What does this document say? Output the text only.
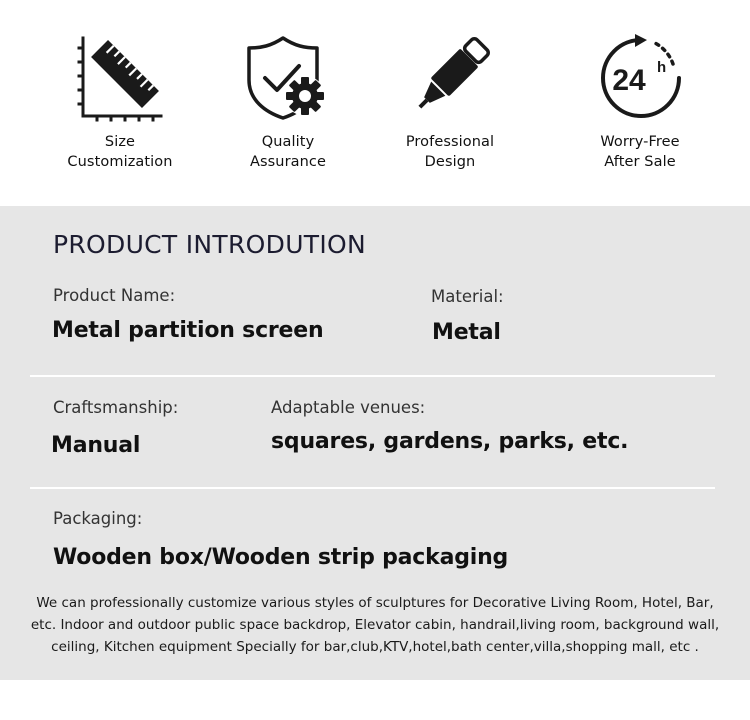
Size
Customization
Quality
Assurance
Professional
Design
24 h
Worry-Free
After Sale
PRODUCT INTRODUTION
Product Name:
Metal partition screen
Material:
Metal
Craftsmanship:
Manual
Adaptable venues:
squares, gardens, parks, etc.
Packaging:
Wooden box/Wooden strip packaging

We can professionally customize various styles of sculptures for Decorative Living Room, Hotel, Bar,
etc. Indoor and outdoor public space backdrop, Elevator cabin, handrail,living room, background wall,
ceiling, Kitchen equipment Specially for bar,club,KTV,hotel,bath center,villa,shopping mall, etc .
